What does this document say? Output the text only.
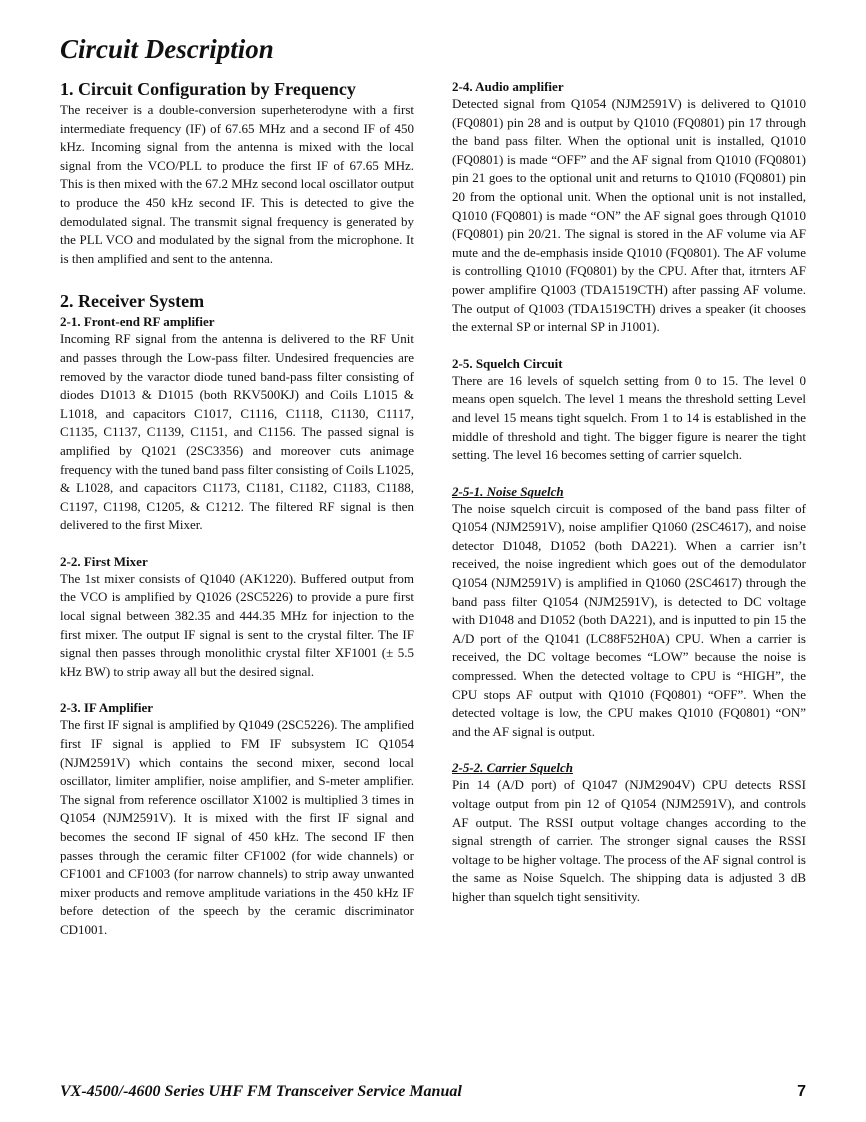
Circuit Description
1. Circuit Configuration by Frequency

The receiver is a double-conversion superheterodyne with a first intermediate frequency (IF) of 67.65 MHz and a second IF of 450 kHz. Incoming signal from the antenna is mixed with the local signal from the VCO/PLL to produce the first IF of 67.65 MHz. This is then mixed with the 67.2 MHz second local oscillator output to produce the 450 kHz second IF. This is detected to give the demodulated signal. The transmit signal frequency is generated by the PLL VCO and modulated by the signal from the microphone. It is then amplified and sent to the antenna.

2. Receiver System
2-1. Front-end RF amplifier

Incoming RF signal from the antenna is delivered to the RF Unit and passes through the Low-pass filter. Undesired frequencies are removed by the varactor diode tuned band-pass filter consisting of diodes D1013 & D1015 (both RKV500KJ) and Coils L1015 & L1018, and capacitors C1017, C1116, C1118, C1130, C1117, C1135, C1137, C1139, C1151, and C1156. The passed signal is amplified by Q1021 (2SC3356) and moreover cuts animage frequency with the tuned band pass filter consisting of Coils L1025, & L1028, and capacitors C1173, C1181, C1182, C1183, C1188, C1197, C1198, C1205, & C1212. The filtered RF signal is then delivered to the first Mixer.

2-2. First Mixer

The 1st mixer consists of Q1040 (AK1220). Buffered output from the VCO is amplified by Q1026 (2SC5226) to provide a pure first local signal between 382.35 and 444.35 MHz for injection to the first mixer. The output IF signal is sent to the crystal filter. The IF signal then passes through monolithic crystal filter XF1001 (± 5.5 kHz BW) to strip away all but the desired signal.

2-3. IF Amplifier

The first IF signal is amplified by Q1049 (2SC5226). The amplified first IF signal is applied to FM IF subsystem IC Q1054 (NJM2591V) which contains the second mixer, second local oscillator, limiter amplifier, noise amplifier, and S-meter amplifier. The signal from reference oscillator X1002 is multiplied 3 times in Q1054 (NJM2591V). It is mixed with the first IF signal and becomes the second IF signal of 450 kHz. The second IF then passes through the ceramic filter CF1002 (for wide channels) or CF1001 and CF1003 (for narrow channels) to strip away unwanted mixer products and remove amplitude variations in the 450 kHz IF before detection of the speech by the ceramic discriminator CD1001.

2-4. Audio amplifier

Detected signal from Q1054 (NJM2591V) is delivered to Q1010 (FQ0801) pin 28 and is output by Q1010 (FQ0801) pin 17 through the band pass filter. When the optional unit is installed, Q1010 (FQ0801) is made “OFF” and the AF signal from Q1010 (FQ0801) pin 21 goes to the optional unit and returns to Q1010 (FQ0801) pin 20 from the optional unit. When the optional unit is not installed, Q1010 (FQ0801) is made “ON” the AF signal goes through Q1010 (FQ0801) pin 20/21. The signal is stored in the AF volume via AF mute and the de-emphasis inside Q1010 (FQ0801). The AF volume is controlling Q1010 (FQ0801) by the CPU. After that, itrnters AF power amplifire Q1003 (TDA1519CTH) after passing AF volume. The output of Q1003 (TDA1519CTH) drives a speaker (it chooses the external SP or internal SP in J1001).

2-5. Squelch Circuit

There are 16 levels of squelch setting from 0 to 15. The level 0 means open squelch. The level 1 means the threshold setting Level and level 15 means tight squelch. From 1 to 14 is established in the middle of threshold and tight. The bigger figure is nearer the tight setting. The level 16 becomes setting of carrier squelch.

2-5-1. Noise Squelch

The noise squelch circuit is composed of the band pass filter of Q1054 (NJM2591V), noise amplifier Q1060 (2SC4617), and noise detector D1048, D1052 (both DA221). When a carrier isn’t received, the noise ingredient which goes out of the demodulator Q1054 (NJM2591V) is amplified in Q1060 (2SC4617) through the band pass filter Q1054 (NJM2591V), is detected to DC voltage with D1048 and D1052 (both DA221), and is inputted to pin 15 the A/D port of the Q1041 (LC88F52H0A) CPU. When a carrier is received, the DC voltage becomes “LOW” because the noise is compressed. When the detected voltage to CPU is “HIGH”, the CPU stops AF output with Q1010 (FQ0801) “OFF”. When the detected voltage is low, the CPU makes Q1010 (FQ0801) “ON” and the AF signal is output.

2-5-2. Carrier Squelch

Pin 14 (A/D port) of Q1047 (NJM2904V) CPU detects RSSI voltage output from pin 12 of Q1054 (NJM2591V), and controls AF output. The RSSI output voltage changes according to the signal strength of carrier. The stronger signal causes the RSSI voltage to be higher voltage. The process of the AF signal control is the same as Noise Squelch. The shipping data is adjusted 3 dB higher than squelch tight sensitivity.

VX-4500/-4600 Series UHF FM Transceiver Service Manual	7
